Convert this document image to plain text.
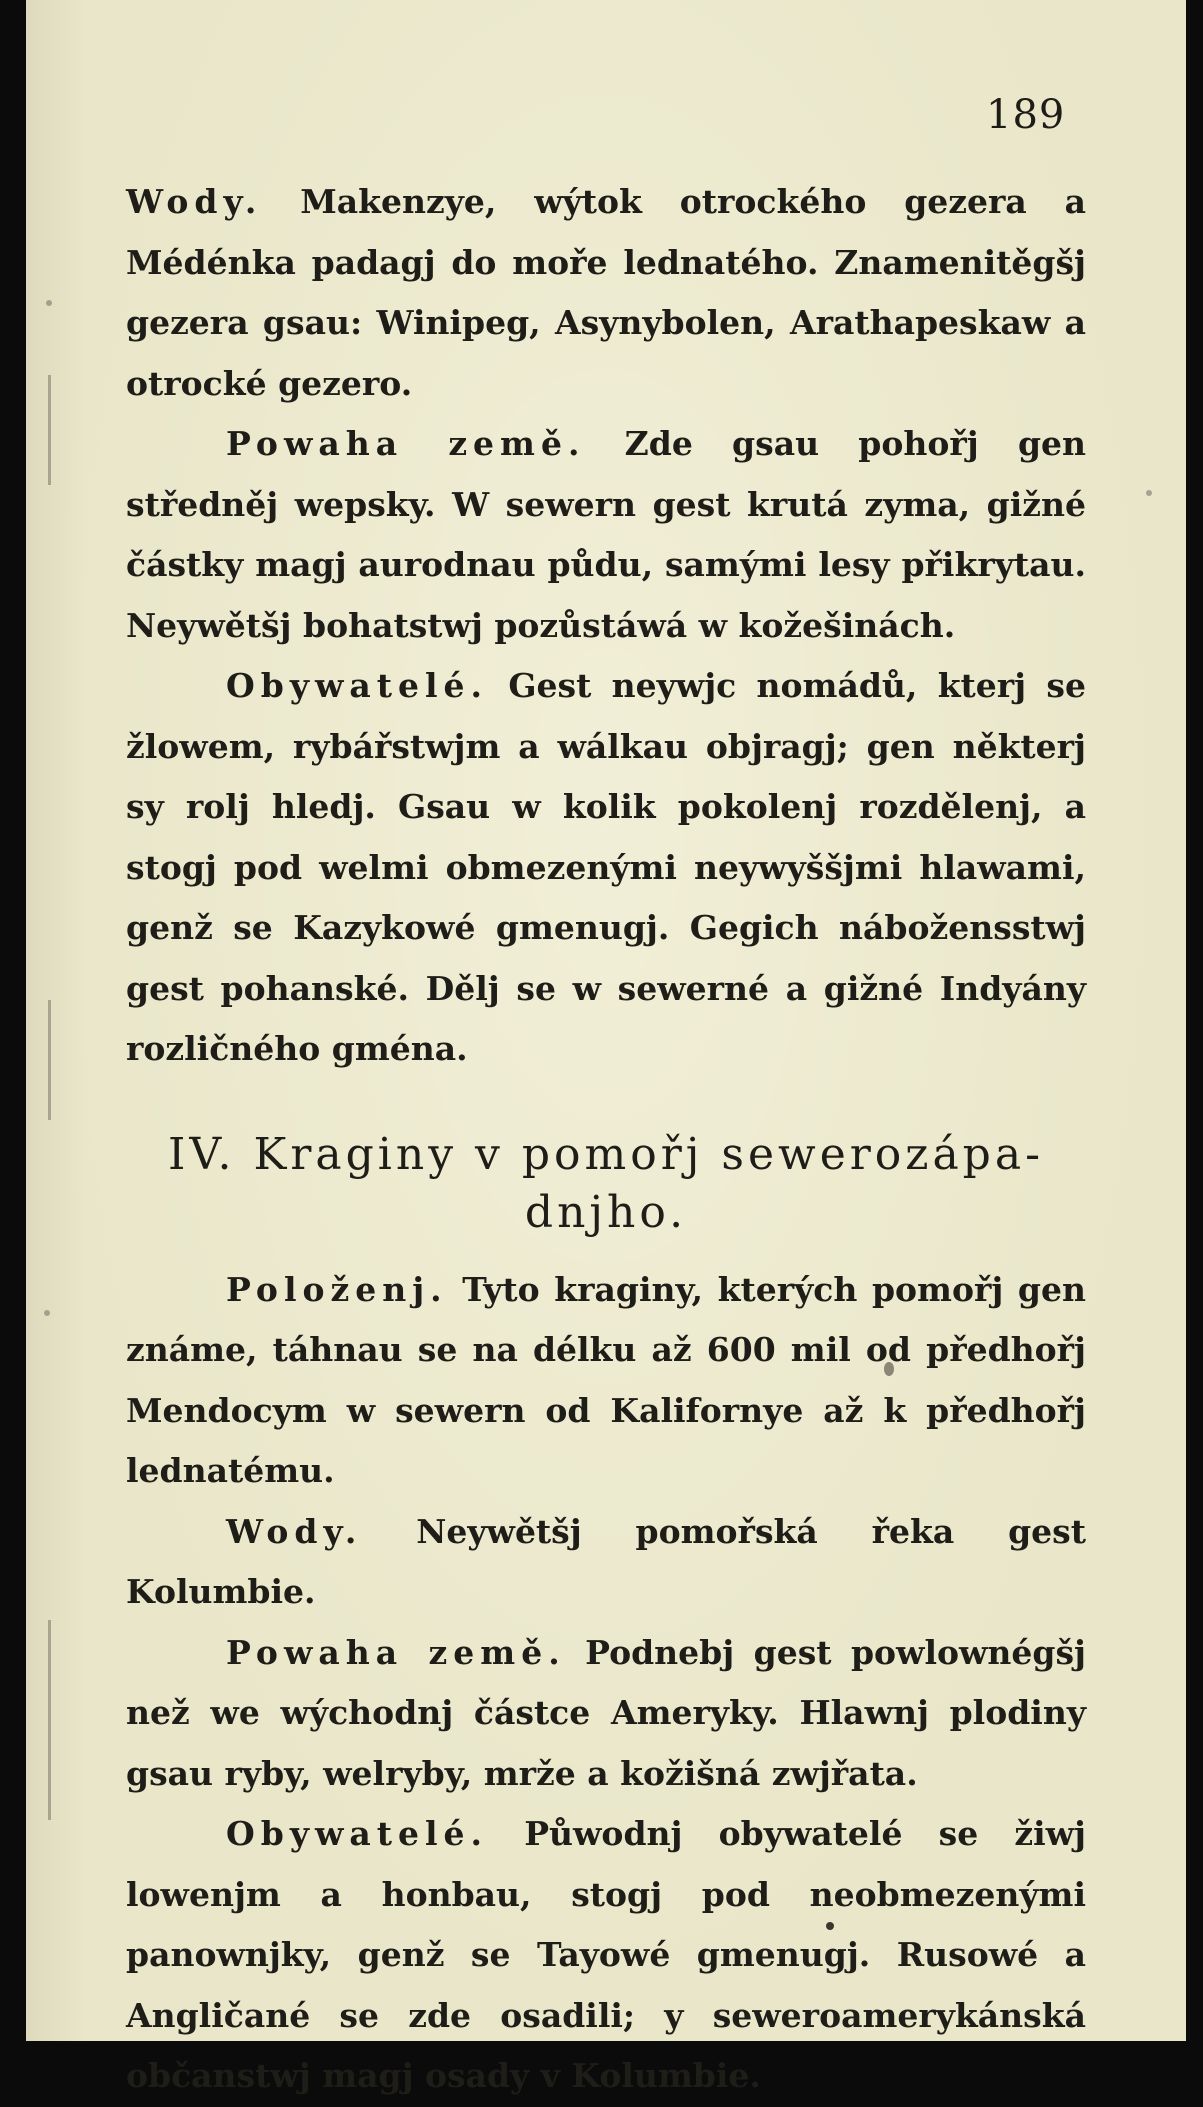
189

Wody. Makenzye, wýtok otrockého gezera a Médénka padagj do moře lednatého. Znamenitěgšj gezera gsau: Winipeg, Asynybolen, Arathapeskaw a otrocké gezero.

Powaha země. Zde gsau pohořj gen středněj wepsky. W sewern gest krutá zyma, gižné částky magj aurodnau půdu, samými lesy přikrytau. Neywětšj bohatstwj pozůstáwá w kožešinách.

Obywatelé. Gest neywjc nomádů, kterj se žlowem, rybářstwjm a wálkau objragj; gen některj sy rolj hledj. Gsau w kolik pokolenj rozdělenj, a stogj pod welmi obmezenými neywyššjmi hlawami, genž se Kazykowé gmenugj. Gegich nábožensstwj gest pohanské. Dělj se w sewerné a gižné Indyány rozličného gména.

IV. Kraginy v pomořj sewerozápa-
dnjho.

Položenj. Tyto kraginy, kterých pomořj gen známe, táhnau se na délku až 600 mil od předhořj Mendocym w sewern od Kalifornye až k předhořj lednatému.

Wody. Neywětšj pomořská řeka gest Kolumbie.

Powaha země. Podnebj gest powlownégšj než we wýchodnj částce Ameryky. Hlawnj plodiny gsau ryby, welryby, mrže a kožišná zwjřata.

Obywatelé. Půwodnj obywatelé se žiwj lowenjm a honbau, stogj pod neobmezenými panownjky, genž se Tayowé gmenugj. Rusowé a Angličané se zde osadili; y seweroamerykánská občanstwj magj osady v Kolumbie.
